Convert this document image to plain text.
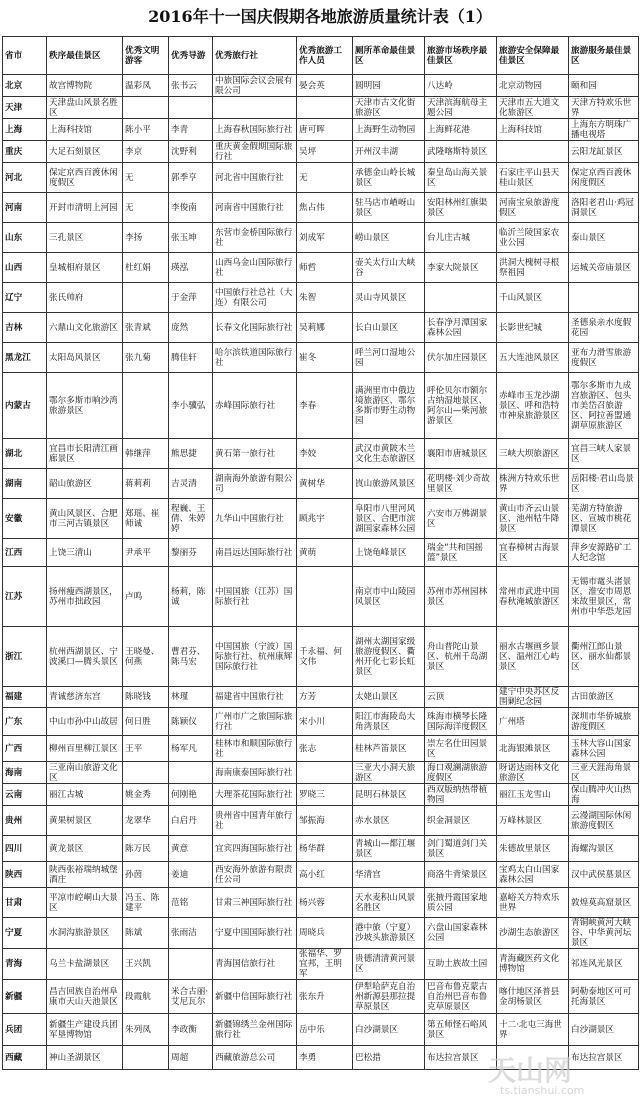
2016年十一国庆假期各地旅游质量统计表（1）
省市	秩序最佳景区	优秀文明游客	优秀导游	优秀旅行社	优秀旅游工作人员	厕所革命最佳景区	旅游市场秩序最佳景区	旅游安全保障最佳景区	旅游服务最佳景区
北京	故宫博物院	温彩凤	张书云	中旅国际会议会展有限公司	晏会英	圆明园	八达岭	北京动物园	颐和园
天津	天津盘山风景名胜区					天津市古文化街旅游区	天津滨海航母主题公园	天津市五大道文化旅游区	天津方特欢乐世界
上海	上海科技馆	陈小平	李青	上海春秋国际旅行社	唐可晖	上海野生动物园	上海鲜花港	上海科技馆	上海东方明珠广播电视塔
重庆	大足石刻景区	李京	沈野利	重庆黄金假期国际旅行社	吴坪	开州汉丰湖	武隆喀斯特景区		云阳龙缸景区
河北	保定京西百渡休闲度假区	无	郭季亨	河北省中国旅行社	无	承德金山岭长城景区	秦皇岛山海关景区	石家庄平山县天桂山景区	保定京西百渡休闲度假区
河南	开封市清明上河园	无	李俊南	河南省中国旅行社	焦占伟	驻马店市嵖岈山景区	安阳林州红旗渠景区	河南宝泉旅游度假区	洛阳老君山·鸡冠洞景区
山东	三孔景区	李扬	张玉坤	东营市金桥国际旅行社	刘成军	崂山景区	台儿庄古城	临沂兰陵国家农业公园	泰山景区
山西	皇城相府景区	杜红娟	瑛泓	山西乌金山国际旅行社	师哲	壶关太行山大峡谷	李家大院景区	洪洞大槐树寻根祭祖园	运城关帝庙景区
辽宁	张氏帅府		于金萍	中国旅行社总社（大连）有限公司	朱智	灵山寺风景区		千山风景区	
吉林	六鼎山文化旅游区	张青斌	庞然	长春文化国际旅行社	吴莉娜	长白山景区	长春净月潭国家森林公园	长影世纪城	圣德泉亲水度假花园
黑龙江	太阳岛风景区	张九菊	腾佳轩	哈尔滨铁道国际旅行社	崔冬	呼兰河口湿地公园	伏尔加庄园景区	五大连池风景区	亚布力滑雪旅游度假区
内蒙古	鄂尔多斯市响沙湾旅游景区		李小骥弘	赤峰国际旅行社	李春	满洲里市中俄边境旅游区、鄂尔多斯市野生动物园	呼伦贝尔市额尔古纳湿地景区、阿尔山—柴河旅游景区	赤峰市玉龙沙湖景区、呼和浩特市神泉旅游景区	鄂尔多斯市九成宫旅游区、包头市美岱召旅游区、阿拉善盟通湖草原旅游区
湖北	宜昌市长阳清江画廊景区	韩继萍	熊思捷	黄石第一旅行社	李姣	武汉市黄陂木兰文化生态旅游区	襄阳市唐城景区	三峡大坝旅游区	宜昌三峡人家景区
湖南	韶山旅游区	蒋莉莉	吉灵清	湖南海外旅游有限公司	黄树华	崀山旅游风景区	花明楼·刘少奇故里景区	株洲方特欢乐世界	岳阳楼·君山岛景区
安徽	黄山风景区、合肥市三河古镇景区	郑瑶、崔师诚	程巍、王倩、朱婷婷	九华山中国旅行社	顾兆宇	阜阳市八里河风景区、合肥市滨湖国家森林公园	六安市万佛湖景区	黄山市齐云山景区、池州牯牛降景区	芜湖方特旅游区、宣城市桃花潭景区
江西	上饶三清山	尹承平	黎丽芬	南昌远达国际旅行社	黄萌	上饶龟峰景区	瑞金“共和国摇篮”景区	宜春樟树古海景区	萍乡安源路矿工人纪念馆
江苏	扬州瘦西湖景区，苏州市拙政园	卢鸣	杨莉，陈诚	中国国旅（江苏）国际旅行社		南京市中山陵园风景区	苏州市苏州园林景区	常州市武进中国春秋淹城旅游区	无锡市鼋头渚景区，淮安市周恩来故里景区，常州市中华恐龙园
浙江	杭州西湖景区、宁波溪口—腾头景区	王晓曼、何燕	曹君芬、陈马宏	中国国旅（宁波）国际旅行社、杭州康辉国际旅行社	千永福、何文伟	湖州太湖国家级旅游度假区、衢州开化七彩长虹景区	舟山普陀山景区、杭州千岛湖景区	丽水古堰画乡景区、温州江心屿景区	衢州江郎山景区、丽水仙都景区
福建	青诚慈济东宫	陈晓钱	林瑾	福建省中国旅行社	方芳	太姥山景区	云顶	建宁中央苏区反围剿纪念园	古田旅游区
广东	中山市孙中山故居	何日胜	陈颖仪	广州市广之旅国际旅行社	宋小川	阳江市海陵岛大角湾景区	珠海市横琴长隆国际海洋度假区	广州塔	深圳市华侨城旅游度假区
广西	柳州百里柳江景区	王平	杨军凡	桂林市和顺国际旅行社	张志	桂林芦笛景区	崇左名仕田园景区	北海银滩景区	玉林大容山国家森林公园
海南	三亚南山旅游文化区			海南康泰国际旅行社		三亚大小洞天旅游区	海口观澜湖旅游度假区	呀诺达雨林文化旅游区	三亚天涯海角景区
云南	丽江古城	姚金秀	何刚艳	大理茶花国际旅行社	罗晓三	昆明石林景区	西双版纳热带植物园	丽江玉龙雪山	保山腾冲火山热海
贵州	黄果树景区	龙翠华	白启丹	贵州省中国青年旅行社	邹振海	赤水景区	织金洞景区	万峰林景区	云漫湖国际休闲旅游度假区
四川	黄龙景区	陈万民	黄意	宜宾四海国际旅行社	杨华群	青城山—都江堰景区	剑门蜀道剑门关景区	朱德故里景区	海螺沟景区
陕西	陕西张裕瑞纳城堡酒庄	孙茵	姜迪	西安海外旅游有限责任公司	高小红	华清宫	商洛牛背梁景区	宝鸡太白山国家森林公园	汉中武侯墓景区
甘肃	平凉市崆峒山大景区	冯玉、陈建平	范铭	甘肃三神国际旅行社	杨兴蓉	天水麦积山风景名胜区	张掖丹霞国家地质公园	嘉峪关方特欢乐世界	敦煌莫高窟景区
宁夏	水洞沟旅游景区	陈斌	张雨洁	宁夏中国国际旅行社	周晓兵	港中旅（宁夏）沙坡头旅游景区	六盘山国家森林公园	沙湖生态旅游区	青铜峡黄河大峡谷、中华黄河坛景区
青海	乌兰卡盐湖景区	王兴凯		青海国信旅行社	张福华、罗宜邦，王明军	贵德清清黄河景区	互助土族故土园	青海藏医药文化博物馆	祁连风光景区
新疆	昌吉回族自治州阜康市天山天池景区	段霞航	米合古丽·艾尼瓦尔	新疆中信国际旅行社	张东升	伊犁哈萨克自治州新源县那拉提草原景区	巴音布鲁克蒙古自治州巴音布鲁克草原景区	喀什地区泽普县金胡杨景区	阿勒泰地区可可托海景区
兵团	新疆生产建设兵团军垦博物馆	朱列凤	李政衡	新疆锦绣兰金州国际旅行社	岳中乐	白沙湖景区	第五师怪石峪风景区	十二·北屯三海世界	白沙湖景区
西藏	神山圣湖景区		周超	西藏旅游总公司	李勇	巴松措	布达拉宫景区		布达拉宫景区
天山网
ts.tianshui.com
